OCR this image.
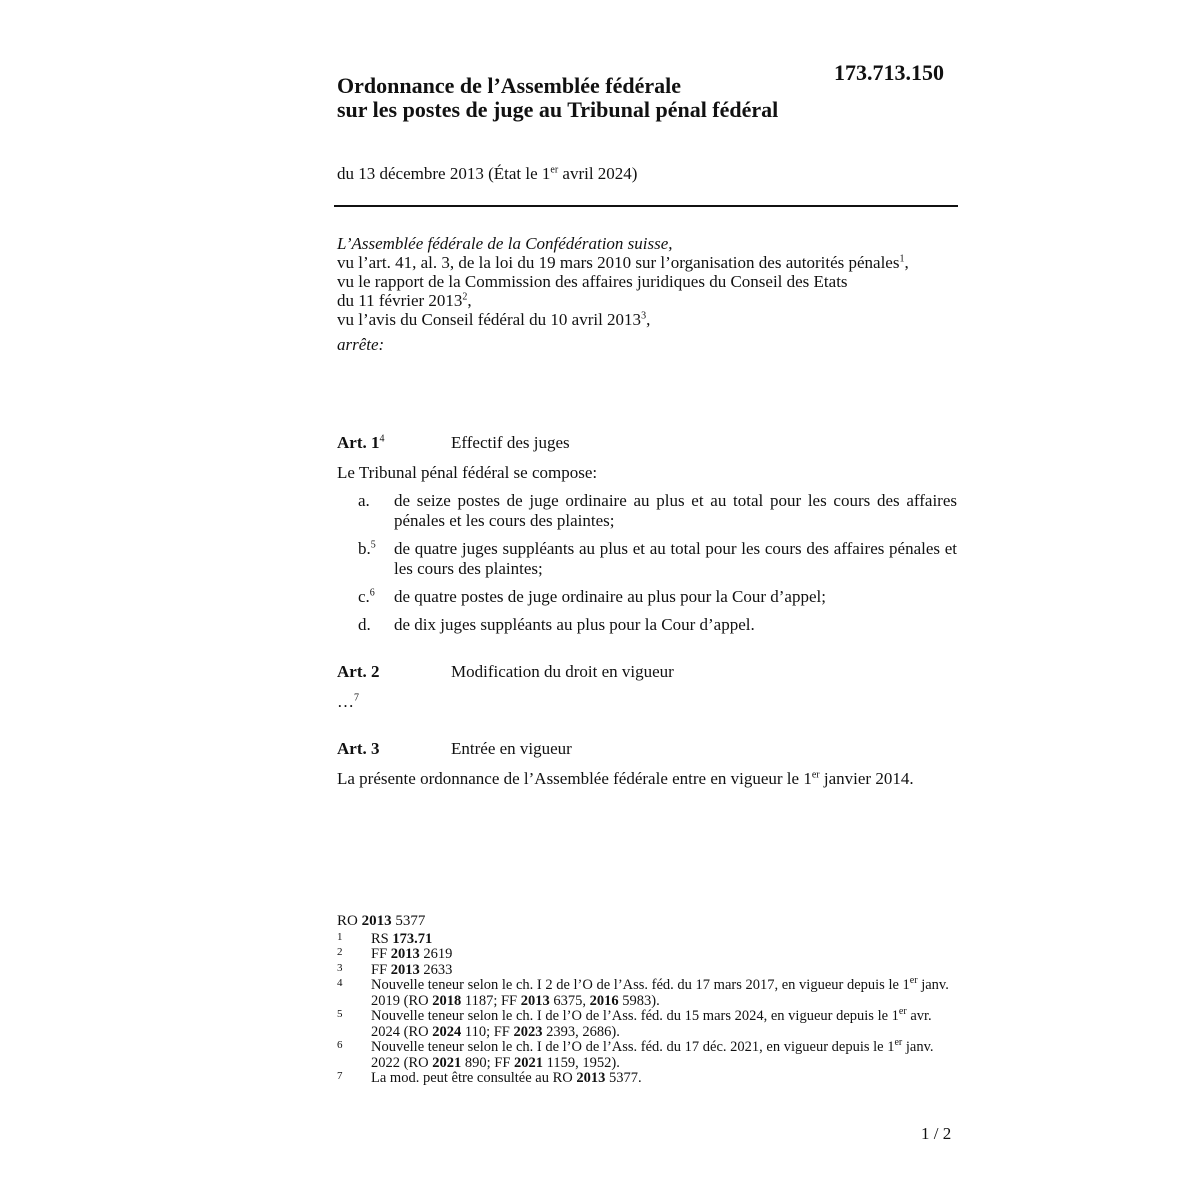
173.713.150
Ordonnance de l’Assemblée fédérale
sur les postes de juge au Tribunal pénal fédéral
du 13 décembre 2013 (État le 1er avril 2024)
L’Assemblée fédérale de la Confédération suisse,
vu l’art. 41, al. 3, de la loi du 19 mars 2010 sur l’organisation des autorités pénales$^1$,
vu le rapport de la Commission des affaires juridiques du Conseil des Etats
du 11 février 2013$^2$,
vu l’avis du Conseil fédéral du 10 avril 2013$^3$,
arrête:
Art. $1^4$	Effectif des juges
Le Tribunal pénal fédéral se compose:
a. de seize postes de juge ordinaire au plus et au total pour les cours des affaires pénales et les cours des plaintes;
b.$^5$ de quatre juges suppléants au plus et au total pour les cours des affaires pénales et les cours des plaintes;
c.$^6$ de quatre postes de juge ordinaire au plus pour la Cour d’appel;
d. de dix juges suppléants au plus pour la Cour d’appel.
Art. 2	Modification du droit en vigueur
…$^7$
Art. 3	Entrée en vigueur
La présente ordonnance de l’Assemblée fédérale entre en vigueur le 1er janvier 2014.
RO 2013 5377
1 RS 173.71
2 FF 2013 2619
3 FF 2013 2633
4 Nouvelle teneur selon le ch. I 2 de l’O de l’Ass. féd. du 17 mars 2017, en vigueur depuis le 1er janv. 2019 (RO 2018 1187; FF 2013 6375, 2016 5983).
5 Nouvelle teneur selon le ch. I de l’O de l’Ass. féd. du 15 mars 2024, en vigueur depuis le 1er avr. 2024 (RO 2024 110; FF 2023 2393, 2686).
6 Nouvelle teneur selon le ch. I de l’O de l’Ass. féd. du 17 déc. 2021, en vigueur depuis le 1er janv. 2022 (RO 2021 890; FF 2021 1159, 1952).
7 La mod. peut être consultée au RO 2013 5377.
1 / 2
